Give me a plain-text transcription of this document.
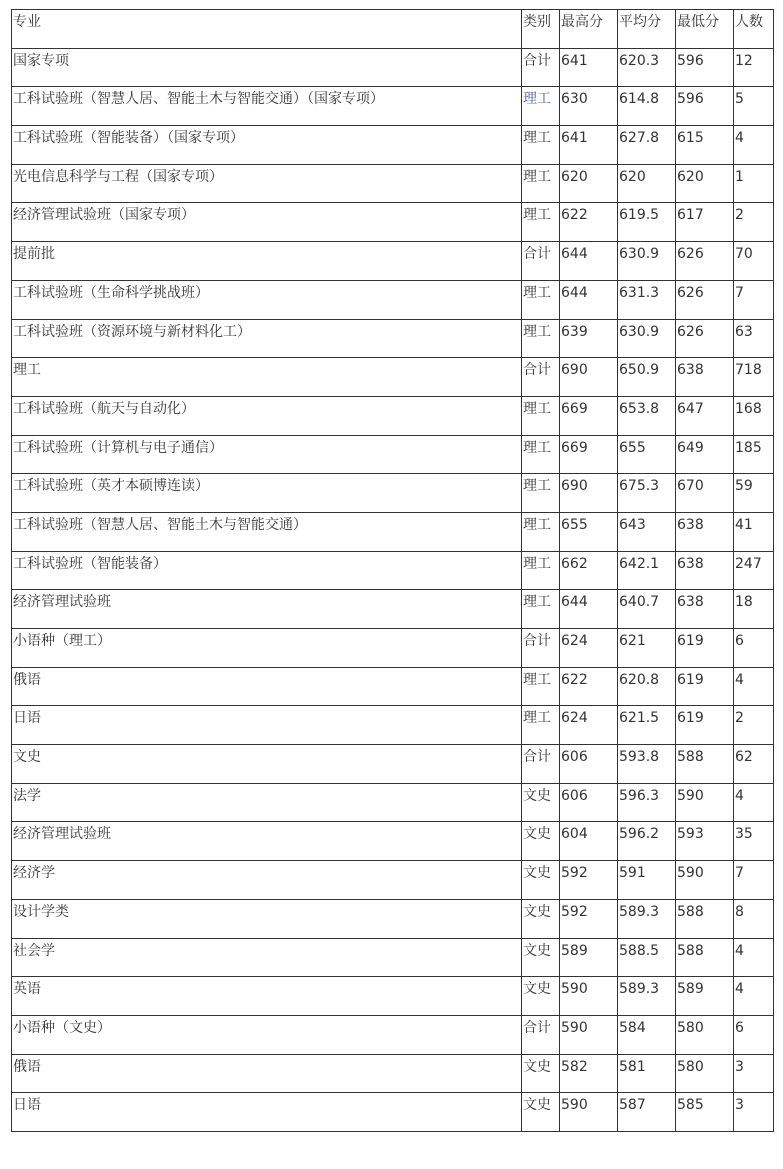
专业	类别	最高分	平均分	最低分	人数
国家专项	合计	641	620.3	596	12
工科试验班（智慧人居、智能土木与智能交通）（国家专项）	理工	630	614.8	596	5
工科试验班（智能装备）（国家专项）	理工	641	627.8	615	4
光电信息科学与工程（国家专项）	理工	620	620	620	1
经济管理试验班（国家专项）	理工	622	619.5	617	2
提前批	合计	644	630.9	626	70
工科试验班（生命科学挑战班）	理工	644	631.3	626	7
工科试验班（资源环境与新材料化工）	理工	639	630.9	626	63
理工	合计	690	650.9	638	718
工科试验班（航天与自动化）	理工	669	653.8	647	168
工科试验班（计算机与电子通信）	理工	669	655	649	185
工科试验班（英才本硕博连读）	理工	690	675.3	670	59
工科试验班（智慧人居、智能土木与智能交通）	理工	655	643	638	41
工科试验班（智能装备）	理工	662	642.1	638	247
经济管理试验班	理工	644	640.7	638	18
小语种（理工）	合计	624	621	619	6
俄语	理工	622	620.8	619	4
日语	理工	624	621.5	619	2
文史	合计	606	593.8	588	62
法学	文史	606	596.3	590	4
经济管理试验班	文史	604	596.2	593	35
经济学	文史	592	591	590	7
设计学类	文史	592	589.3	588	8
社会学	文史	589	588.5	588	4
英语	文史	590	589.3	589	4
小语种（文史）	合计	590	584	580	6
俄语	文史	582	581	580	3
日语	文史	590	587	585	3
